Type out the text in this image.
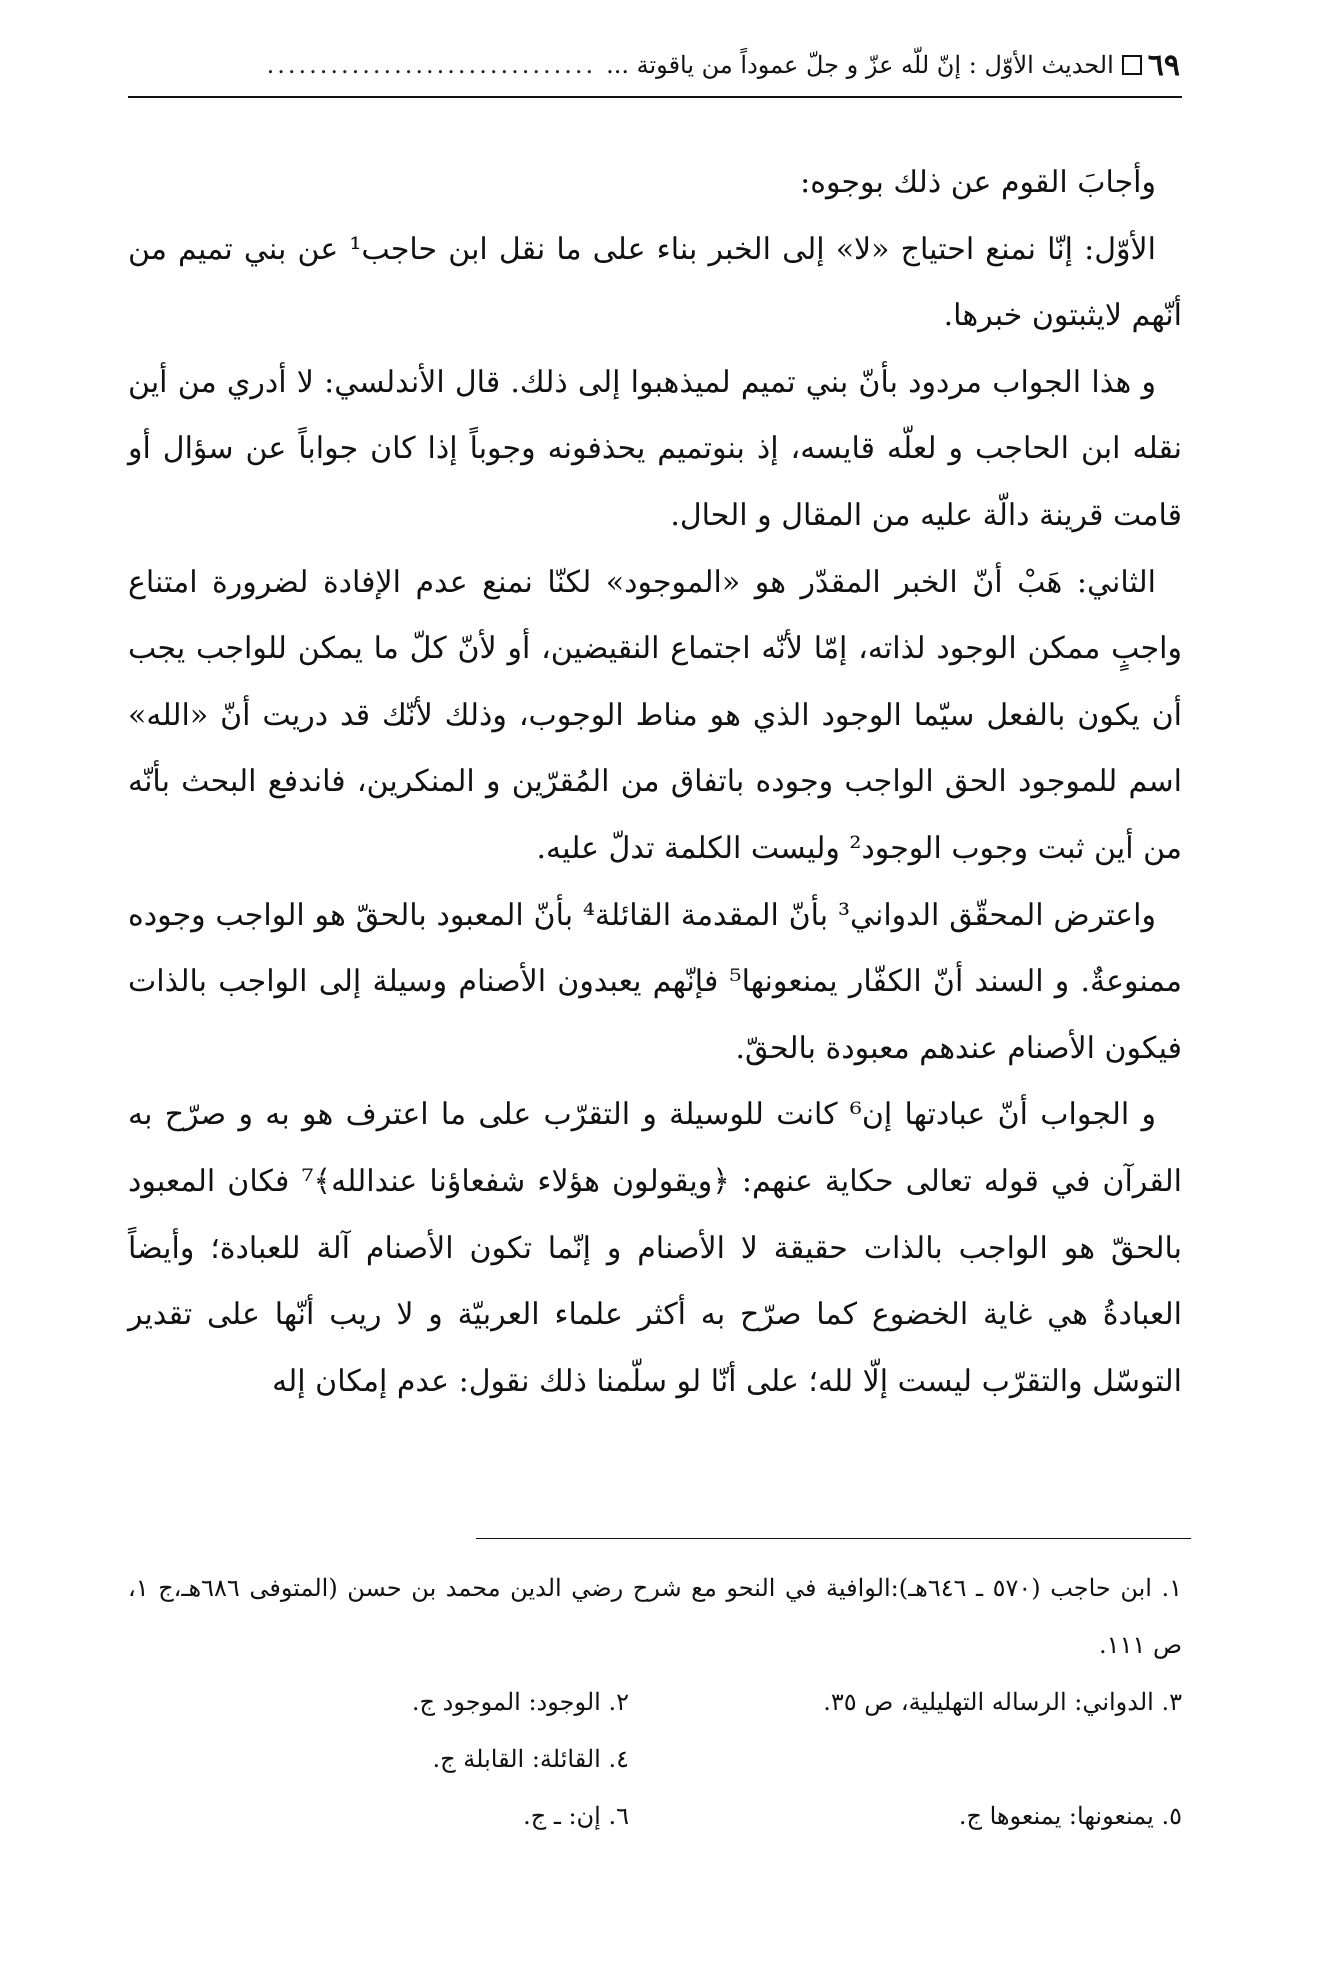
٦٩
الحديث الأوّل : إنّ للّه عزّ و جلّ عموداً من ياقوتة ...
...............................

وأجابَ القوم عن ذلك بوجوه:

الأوّل: إنّا نمنع احتياج «لا» إلى الخبر بناء على ما نقل ابن حاجب¹ عن بني تميم من أنّهم لايثبتون خبرها.

و هذا الجواب مردود بأنّ بني تميم لميذهبوا إلى ذلك. قال الأندلسي: لا أدري من أين نقله ابن الحاجب و لعلّه قايسه، إذ بنوتميم يحذفونه وجوباً إذا كان جواباً عن سؤال أو قامت قرينة دالّة عليه من المقال و الحال.

الثاني: هَبْ أنّ الخبر المقدّر هو «الموجود» لكنّا نمنع عدم الإفادة لضرورة امتناع واجبٍ ممكن الوجود لذاته، إمّا لأنّه اجتماع النقيضين، أو لأنّ كلّ ما يمكن للواجب يجب أن يكون بالفعل سيّما الوجود الذي هو مناط الوجوب، وذلك لأنّك قد دريت أنّ «الله» اسم للموجود الحق الواجب وجوده باتفاق من المُقرّين و المنكرين، فاندفع البحث بأنّه من أين ثبت وجوب الوجود² وليست الكلمة تدلّ عليه.

واعترض المحقّق الدواني³ بأنّ المقدمة القائلة⁴ بأنّ المعبود بالحقّ هو الواجب وجوده ممنوعةٌ. و السند أنّ الكفّار يمنعونها⁵ فإنّهم يعبدون الأصنام وسيلة إلى الواجب بالذات فيكون الأصنام عندهم معبودة بالحقّ.

و الجواب أنّ عبادتها إن⁶ كانت للوسيلة و التقرّب على ما اعترف هو به و صرّح به القرآن في قوله تعالى حكاية عنهم: ﴿ويقولون هؤلاء شفعاؤنا عندالله﴾⁷ فكان المعبود بالحقّ هو الواجب بالذات حقيقة لا الأصنام و إنّما تكون الأصنام آلة للعبادة؛ وأيضاً العبادةُ هي غاية الخضوع كما صرّح به أكثر علماء العربيّة و لا ريب أنّها على تقدير التوسّل والتقرّب ليست إلّا لله؛ على أنّا لو سلّمنا ذلك نقول: عدم إمكان إله

١. ابن حاجب (٥٧٠ ـ ٦٤٦هـ):الوافية في النحو مع شرح رضي الدين محمد بن حسن (المتوفى ٦٨٦هـ،ج ١، ص ١١١.
٣. الدواني: الرساله التهليلية، ص ٣٥.
٢. الوجود: الموجود ج.
٤. القائلة: القابلة ج.
٥. يمنعونها: يمنعوها ج.
٦. إن: ـ ج.
